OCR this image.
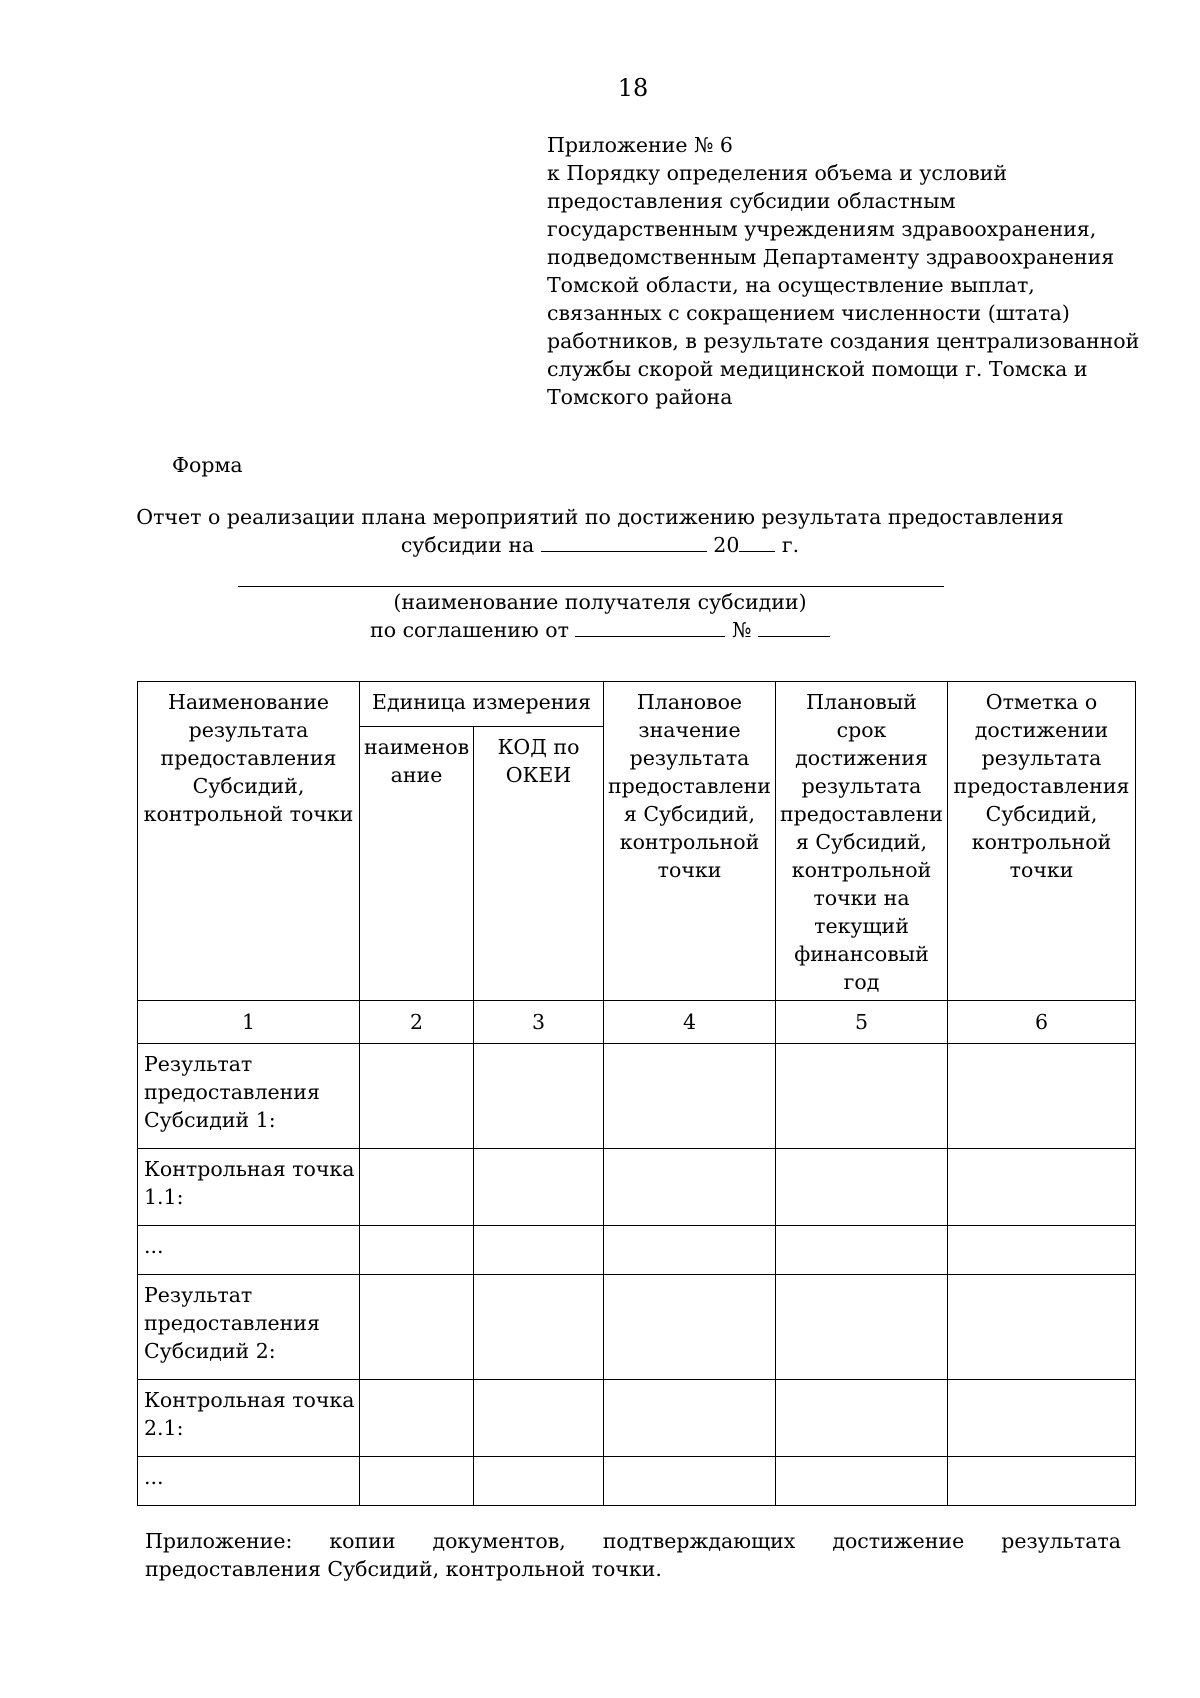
18
Приложение № 6
к Порядку определения объема и условий
предоставления субсидии областным
государственным учреждениям здравоохранения,
подведомственным Департаменту здравоохранения
Томской области, на осуществление выплат,
связанных с сокращением численности (штата)
работников, в результате создания централизованной
службы скорой медицинской помощи г. Томска и
Томского района
Форма
Отчет о реализации плана мероприятий по достижению результата предоставления
субсидии на	20 г.
(наименование получателя субсидии)
по соглашению от	№
Наименование результата предоставления Субсидий, контрольной точки	Единица измерения		Плановое значение результата предоставлени я Субсидий, контрольной точки	Плановый срок достижения результата предоставлени я Субсидий, контрольной точки на текущий финансовый год	Отметка о достижении результата предоставления Субсидий, контрольной точки
	наименов ание	КОД по ОКЕИ			
1	2	3	4	5	6
Результат предоставления Субсидий 1:					
Контрольная точка 1.1:					
...					
Результат предоставления Субсидий 2:					
Контрольная точка 2.1:					
...					
Приложение: копии документов, подтверждающих достижение результата предоставления Субсидий, контрольной точки.
